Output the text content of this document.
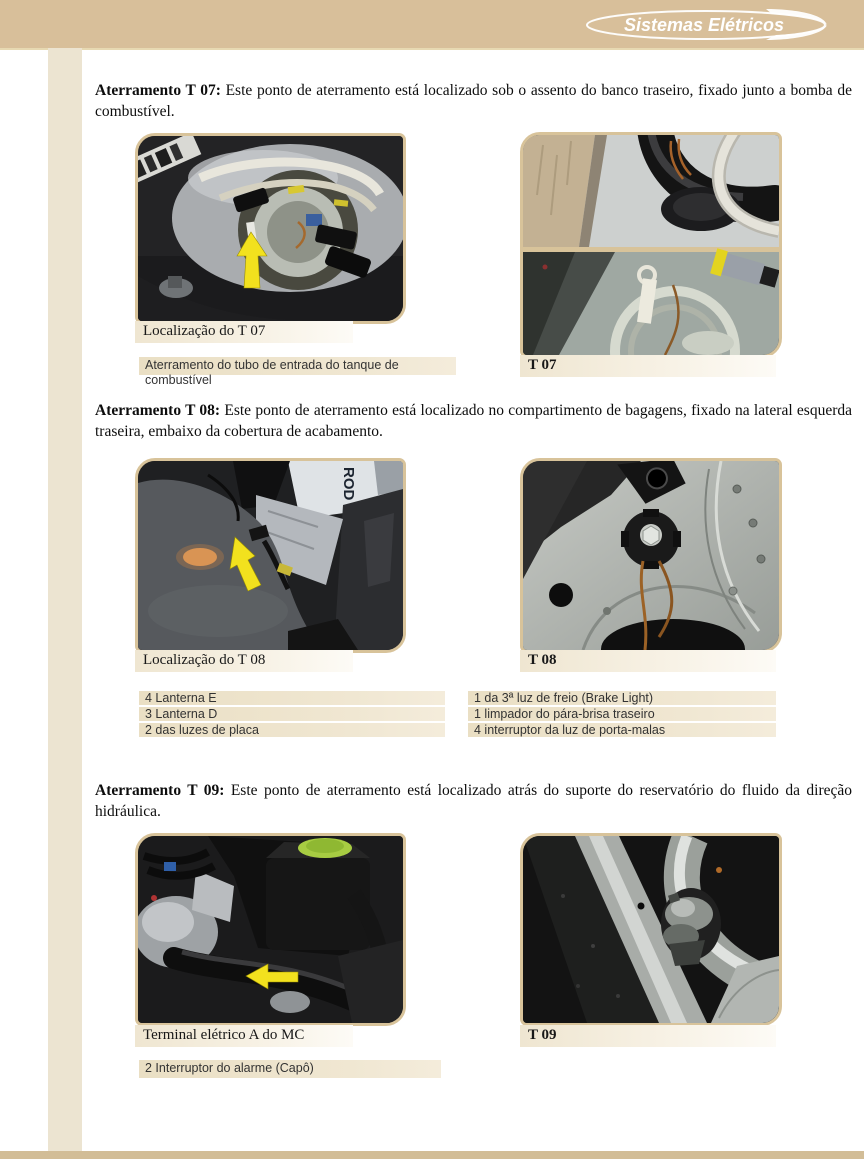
Sistemas Elétricos
Aterramento T 07: Este ponto de aterramento está localizado sob o assento do banco traseiro, fixado junto a bomba de combustível.
Localização do T 07
Aterramento do tubo de entrada do tanque de combustível
T 07
Aterramento T 08: Este ponto de aterramento está localizado no compartimento de bagagens, fixado na lateral esquerda traseira, embaixo da cobertura de acabamento.
ROD
Localização do T 08
4 Lanterna E
3 Lanterna D
2 das luzes de placa
T 08
1 da 3ª luz de freio (Brake Light)
1 limpador do pára-brisa traseiro
4 interruptor da luz de porta-malas
Aterramento T 09: Este ponto de aterramento está localizado atrás do suporte do reservatório do fluido da direção hidráulica.
Terminal elétrico A do MC
2 Interruptor do alarme (Capô)
T 09
